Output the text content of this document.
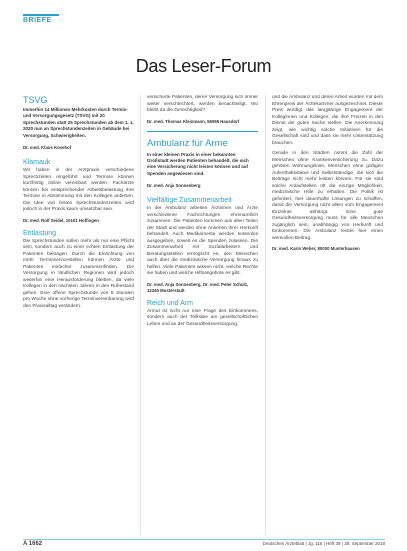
BRIEFE
Das Leser-Forum
TSVG

Immerhin 14 Millionen Mehrkosten durch Termin- und Versorgungsgesetz (TSVG) mit 20 Sprechstunden statt 25 Sprechstunden ab dem 1. 1. 2020 nun an Sprechstundenzeiten in Gebäude bei Versorgung, Schwierigkeiten.

Dr. med. Klaus Kosehof

Klamauk

Wir haben in der Arztpraxis verschiedene Sprechzeiten eingeführt und Termine können kurzfristig online vereinbart werden. Fachärzte können bei entsprechender Arbeitsbelastung ihre Termine in Abstimmung mit den Kollegen anbieten. Die Idee von festen Sprechstundenzeiten wird jedoch in der Praxis kaum umsetzbar sein.

Dr. med. Rolf Seidel, 10101 Hoffingen

Entlastung

Die Sprechstunden sollen mehr als nur eine Pflicht sein, sondern auch zu einer echten Entlastung der Patienten beitragen. Durch die Einrichtung von mehr Terminservicestellen können Ärzte und Patienten einfacher zusammenfinden. Die Versorgung in ländlichen Regionen wird jedoch weiterhin eine Herausforderung bleiben, da viele Kollegen in den nächsten Jahren in den Ruhestand gehen. Eine offene Sprechstunde von 5 Stunden pro Woche ohne vorherige Terminvereinbarung wird den Praxisalltag verändern.

versicherte Patienten, deren Versorgung sich immer weiter verschlechtert, werden benachteiligt. Wo bleibt da die Gerechtigkeit?

Dr. med. Thomas Kleinmann, 55555 Hausdorf

Ambulanz für Arme

In einer kleinen Praxis in einer bekannten Großstadt werden Patienten behandelt, die sich eine Versicherung nicht leisten können und auf Spenden angewiesen sind.

Dr. med. Anja Sonnenberg

Vielfältige Zusammenarbeit

In der Ambulanz arbeiten Ärztinnen und Ärzte verschiedener Fachrichtungen ehrenamtlich zusammen. Die Patienten kommen aus allen Teilen der Stadt und werden ohne Ansehen ihrer Herkunft behandelt. Auch Medikamente werden kostenlos ausgegeben, soweit es die Spenden zulassen. Die Zusammenarbeit mit Sozialarbeitern und Beratungsstellen ermöglicht es, den Menschen auch über die medizinische Versorgung hinaus zu helfen. Viele Patienten wissen nicht, welche Rechte sie haben und welche Hilfsangebote es gibt.

Dr. med. Anja Sonnenberg, Dr. med. Peter Schulz, 12345 Musterstadt

Reich und Arm

Armut ist nicht nur eine Frage des Einkommens, sondern auch der Teilhabe am gesellschaftlichen Leben und an der Gesundheitsversorgung.

und die Ambulanz und deren Arbeit wurden mit dem Ehrenpreis der Ärztekammer ausgezeichnet. Dieser Preis würdigt das langjährige Engagement der Kolleginnen und Kollegen, die ihre Freizeit in den Dienst der guten Sache stellen. Die Anerkennung zeigt, wie wichtig solche Initiativen für die Gesellschaft sind und dass sie mehr Unterstützung brauchen.

Gerade in den Städten nimmt die Zahl der Menschen ohne Krankenversicherung zu. Dazu gehören Wohnungslose, Menschen ohne gültigen Aufenthaltsstatus und Selbstständige, die sich die Beiträge nicht mehr leisten können. Für sie sind solche Anlaufstellen oft die einzige Möglichkeit, medizinische Hilfe zu erhalten. Die Politik ist gefordert, hier dauerhafte Lösungen zu schaffen, damit die Versorgung nicht allein vom Engagement Einzelner abhängt. Eine gute Gesundheitsversorgung muss für alle Menschen zugänglich sein, unabhängig von Herkunft und Einkommen. Die Ambulanz leistet hier einen wertvollen Beitrag.

Dr. med. Karin Weber, 80000 Musterhausen

A 1662	Deutsches Ärzteblatt | Jg. 115 | Heft 39 | 28. September 2018
